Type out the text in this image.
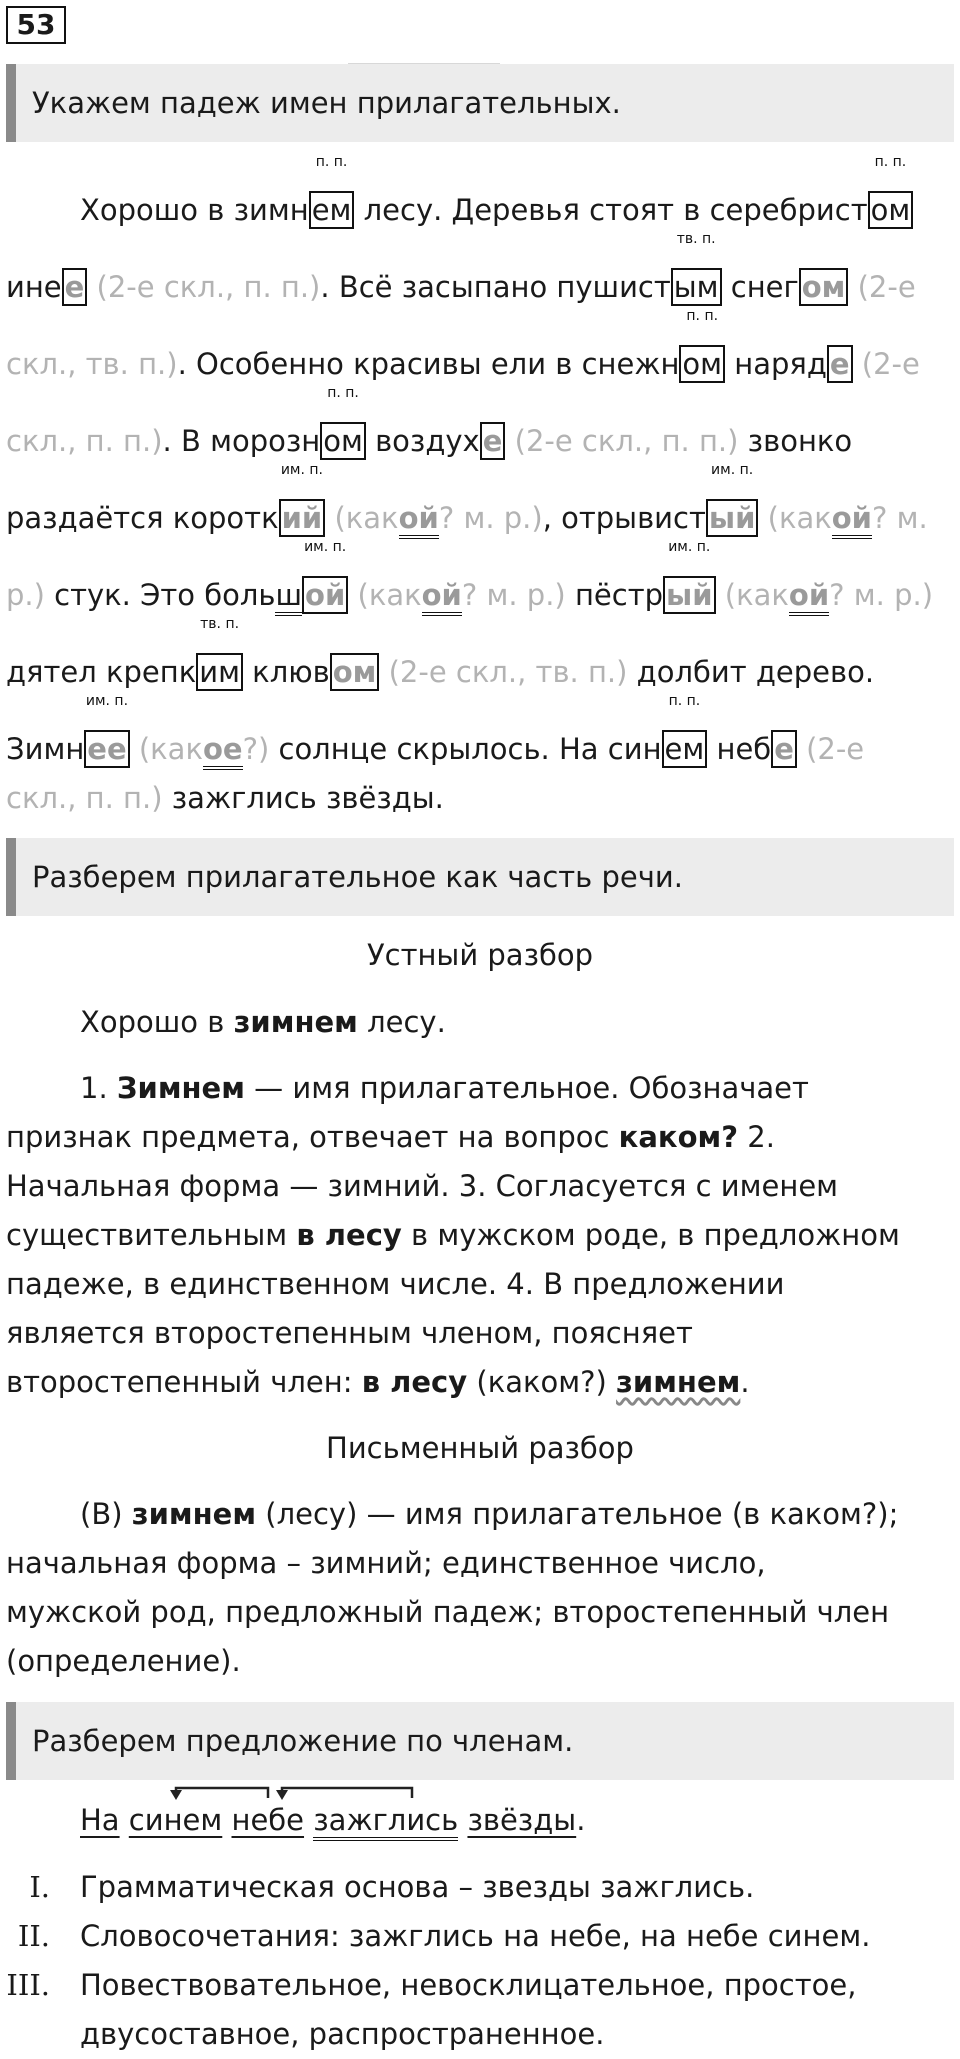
53
Укажем падеж имен прилагательных.
Хорошо в зимн
п. п.
ем лесу. Деревья стоят в серебрист
п. п.
ом
ине е (2-е скл., п. п.). Всё засыпано пушист
тв. п.
ым снег ом (2-е
скл., тв. п.). Особенно красивы ели в снежн
п. п.
ом наряд е (2-е
скл., п. п.). В морозн
п. п.
ом воздух е (2-е скл., п. п.) звонко
раздаётся коротк
им. п.
ий (какой? м. р.), отрывист
им. п.
ый (какой? м.
р.) стук. Это больш
им. п.
ой (какой? м. р.) пёстр
им. п.
ый (какой? м. р.)
дятел крепк
тв. п.
им клюв ом (2-е скл., тв. п.) долбит дерево.
Зимн
им. п.
ее (какое?) солнце скрылось. На син
п. п.
ем неб е (2-е
скл., п. п.) зажглись звёзды.
Разберем прилагательное как часть речи.
Устный разбор
Хорошо в зимнем лесу.
1. Зимнем — имя прилагательное. Обозначает
признак предмета, отвечает на вопрос каком? 2.
Начальная форма — зимний. 3. Согласуется с именем
существительным в лесу в мужском роде, в предложном
падеже, в единственном числе. 4. В предложении
является второстепенным членом, поясняет
второстепенный член: в лесу (каком?) зимнем.
Письменный разбор
(В) зимнем (лесу) — имя прилагательное (в каком?);
начальная форма – зимний; единственное число,
мужской род, предложный падеж; второстепенный член
(определение).
Разберем предложение по членам.
На синем небе зажглись звёзды.
I. Грамматическая основа – звезды зажглись.
II. Словосочетания: зажглись на небе, на небе синем.
III. Повествовательное, невосклицательное, простое,
двусоставное, распространенное.
